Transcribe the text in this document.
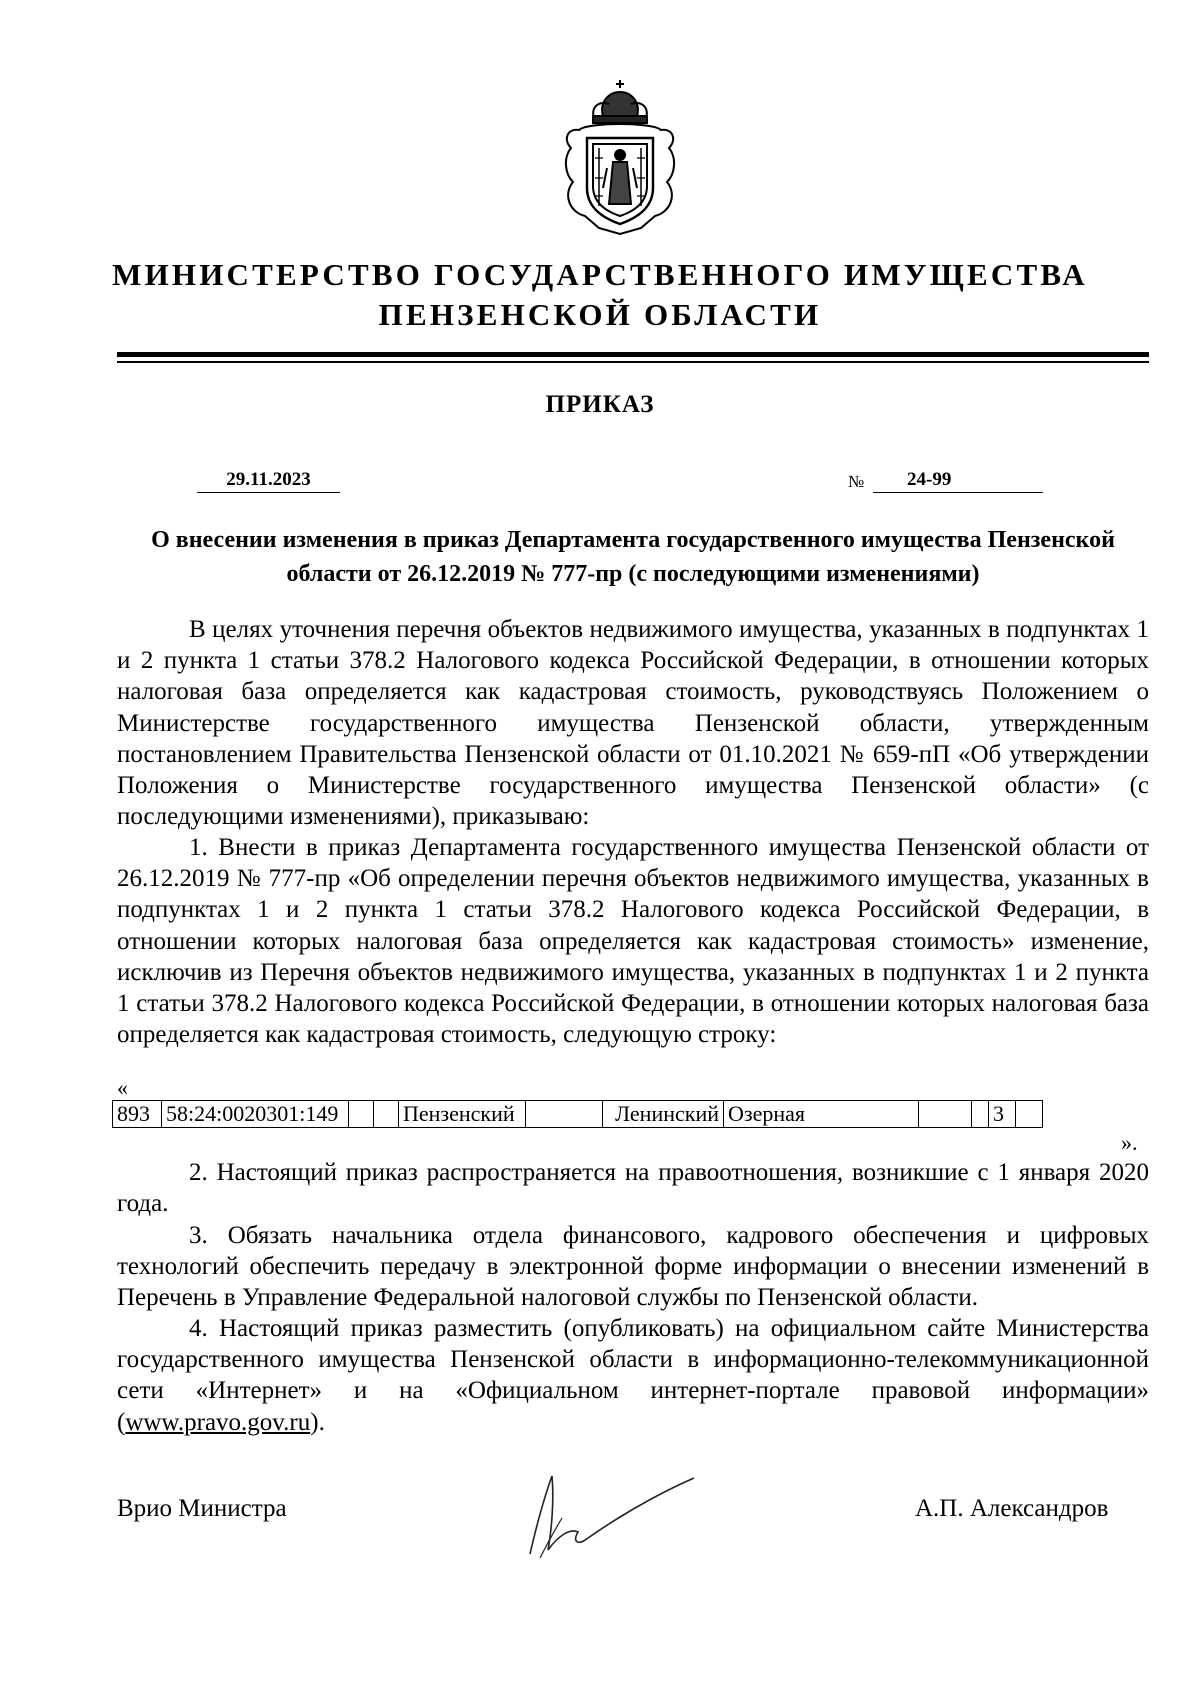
МИНИСТЕРСТВО ГОСУДАРСТВЕННОГО ИМУЩЕСТВА
ПЕНЗЕНСКОЙ ОБЛАСТИ
ПРИКАЗ
29.11.2023	№	24-99
О внесении изменения в приказ Департамента государственного имущества Пензенской области от 26.12.2019 № 777-пр (с последующими изменениями)
В целях уточнения перечня объектов недвижимого имущества, указанных в подпунктах 1 и 2 пункта 1 статьи 378.2 Налогового кодекса Российской Федерации, в отношении которых налоговая база определяется как кадастровая стоимость, руководствуясь Положением о Министерстве государственного имущества Пензенской области, утвержденным постановлением Правительства Пензенской области от 01.10.2021 № 659-пП «Об утверждении Положения о Министерстве государственного имущества Пензенской области» (с последующими изменениями), приказываю:
1. Внести в приказ Департамента государственного имущества Пензенской области от 26.12.2019 № 777-пр «Об определении перечня объектов недвижимого имущества, указанных в подпунктах 1 и 2 пункта 1 статьи 378.2 Налогового кодекса Российской Федерации, в отношении которых налоговая база определяется как кадастровая стоимость» изменение, исключив из Перечня объектов недвижимого имущества, указанных в подпунктах 1 и 2 пункта 1 статьи 378.2 Налогового кодекса Российской Федерации, в отношении которых налоговая база определяется как кадастровая стоимость, следующую строку:
«
893	58:24:0020301:149			Пензенский		Ленинский	Озерная			3	
».
2. Настоящий приказ распространяется на правоотношения, возникшие с 1 января 2020 года.
3. Обязать начальника отдела финансового, кадрового обеспечения и цифровых технологий обеспечить передачу в электронной форме информации о внесении изменений в Перечень в Управление Федеральной налоговой службы по Пензенской области.
4. Настоящий приказ разместить (опубликовать) на официальном сайте Министерства государственного имущества Пензенской области в информационно-телекоммуникационной сети «Интернет» и на «Официальном интернет-портале правовой информации» (www.pravo.gov.ru).
Врио Министра	А.П. Александров
